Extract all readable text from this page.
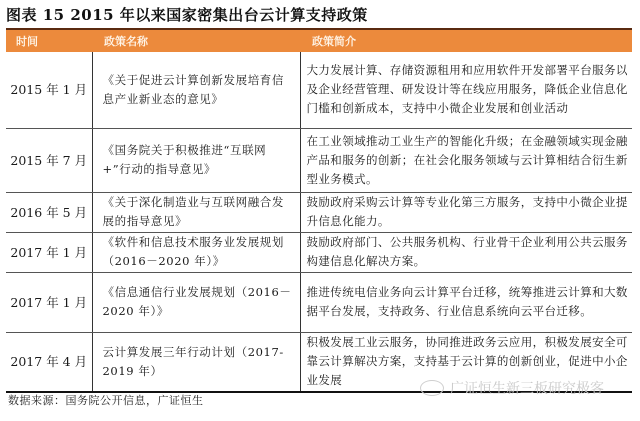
图表 15 2015 年以来国家密集出台云计算支持政策
时间	政策名称	政策简介
2015 年 1 月	《关于促进云计算创新发展培育信息产业新业态的意见》	大力发展计算、存储资源租用和应用软件开发部署平台服务以及企业经营管理、研发设计等在线应用服务，降低企业信息化门槛和创新成本，支持中小微企业发展和创业活动
2015 年 7 月	《国务院关于积极推进“互联网+”行动的指导意见》	在工业领域推动工业生产的智能化升级；在金融领域实现金融产品和服务的创新；在社会化服务领域与云计算相结合衍生新型业务模式。
2016 年 5 月	《关于深化制造业与互联网融合发展的指导意见》	鼓励政府采购云计算等专业化第三方服务，支持中小微企业提升信息化能力。
2017 年 1 月	《软件和信息技术服务业发展规划（2016－2020 年）》	鼓励政府部门、公共服务机构、行业骨干企业利用公共云服务构建信息化解决方案。
2017 年 1 月	《信息通信行业发展规划（2016－2020 年）》	推进传统电信业务向云计算平台迁移，统筹推进云计算和大数据平台发展，支持政务、行业信息系统向云平台迁移。
2017 年 4 月	云计算发展三年行动计划（2017-2019 年）	积极发展工业云服务，协同推进政务云应用，积极发展安全可靠云计算解决方案，支持基于云计算的创新创业，促进中小企业发展
数据来源：国务院公开信息，广证恒生
广证恒生新三板研究极客
